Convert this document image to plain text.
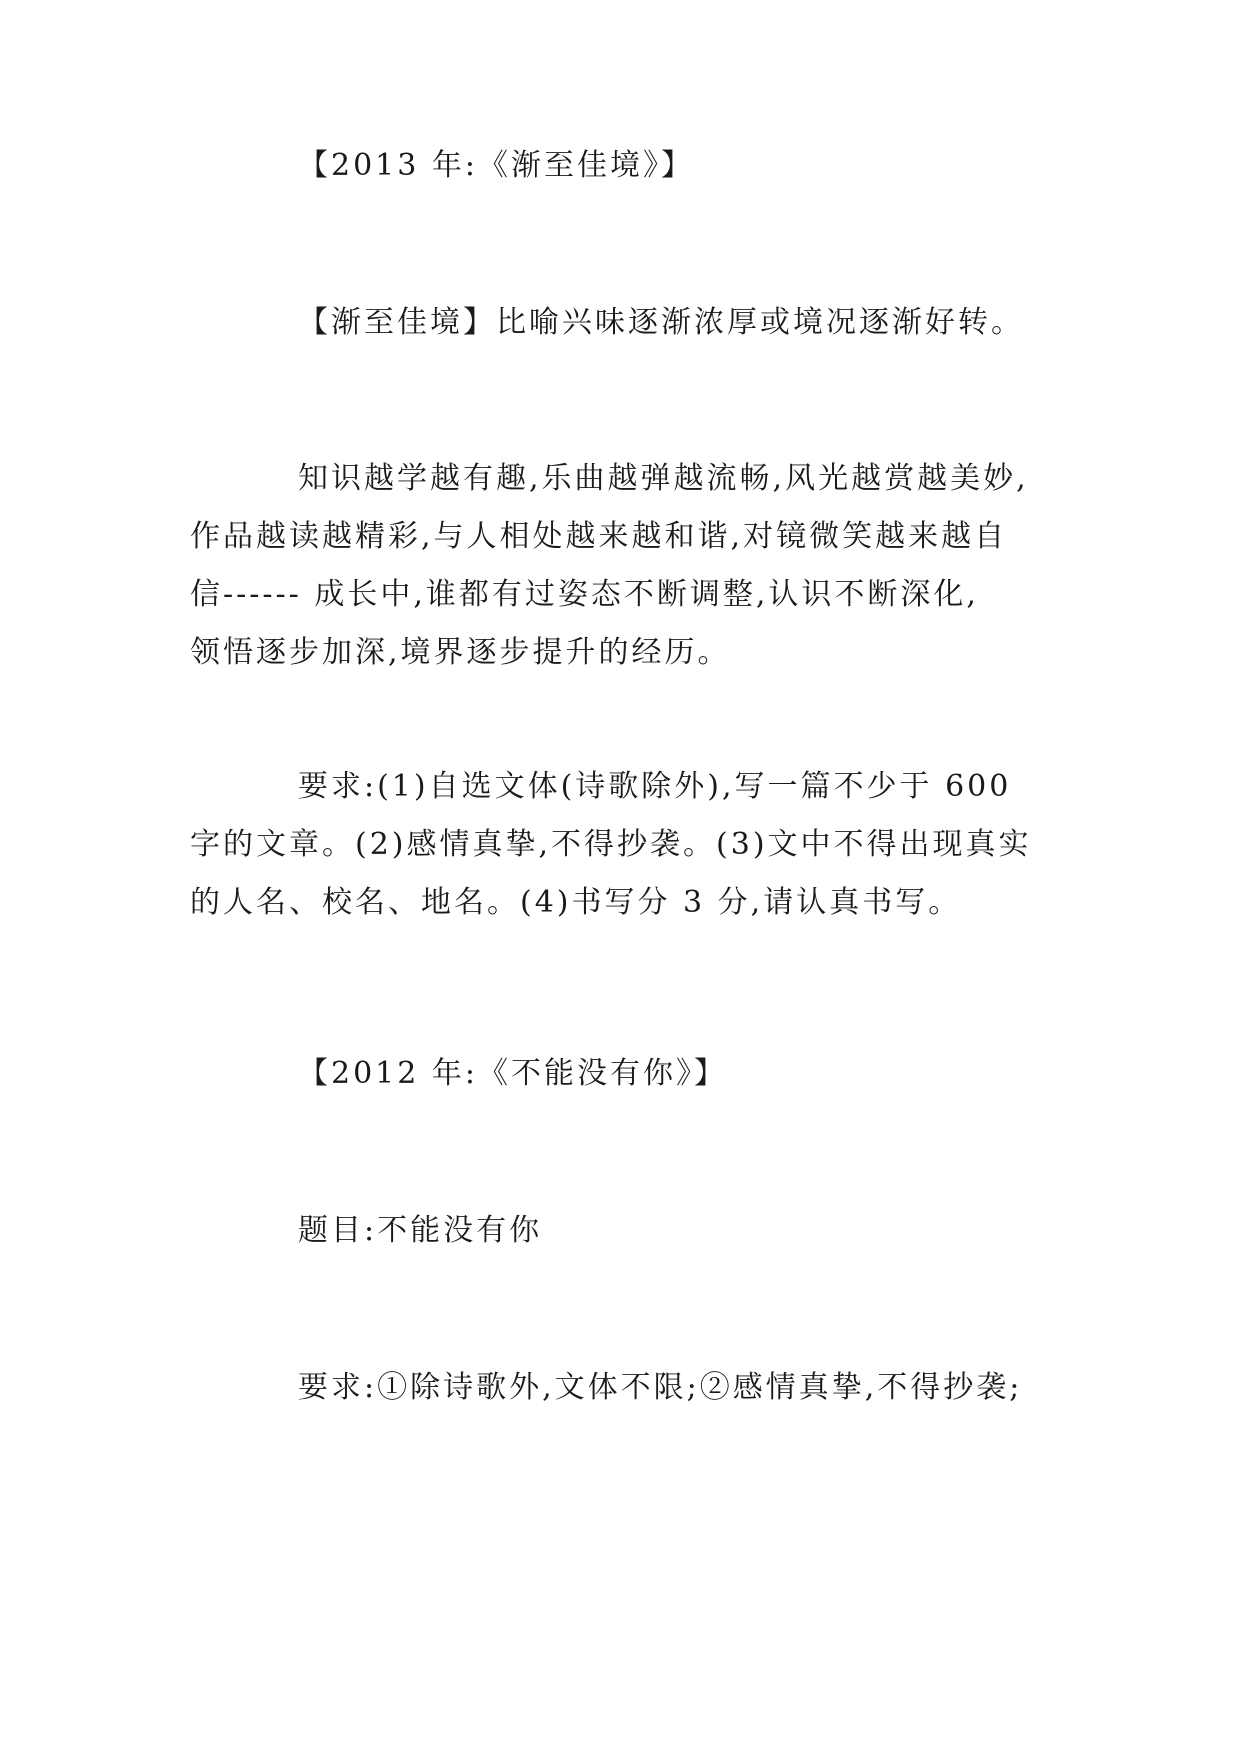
【2013 年:《渐至佳境》】

【渐至佳境】比喻兴味逐渐浓厚或境况逐渐好转。

知识越学越有趣,乐曲越弹越流畅,风光越赏越美妙,
作品越读越精彩,与人相处越来越和谐,对镜微笑越来越自
信------ 成长中,谁都有过姿态不断调整,认识不断深化,
领悟逐步加深,境界逐步提升的经历。
要求:(1)自选文体(诗歌除外),写一篇不少于 600
字的文章。(2)感情真挚,不得抄袭。(3)文中不得出现真实
的人名、校名、地名。(4)书写分 3 分,请认真书写。

【2012 年:《不能没有你》】

题目:不能没有你

要求:①除诗歌外,文体不限;②感情真挚,不得抄袭;
